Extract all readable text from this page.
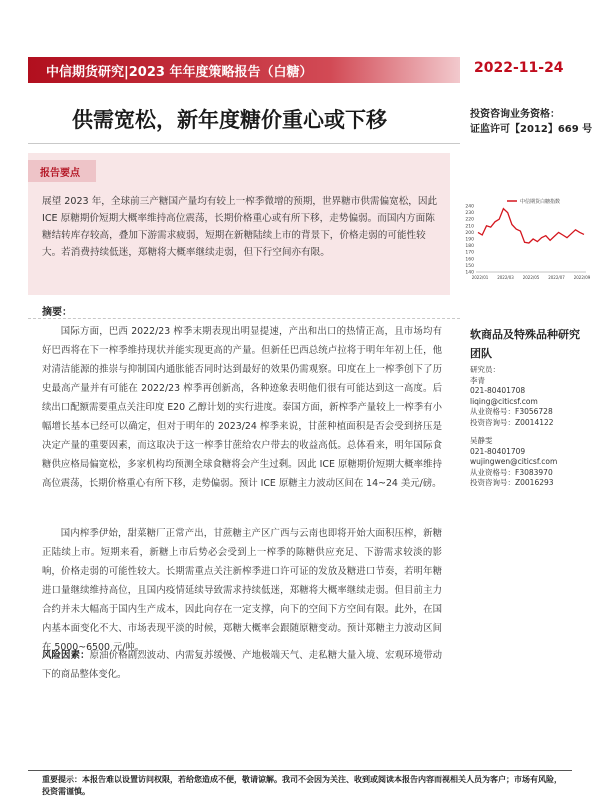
中信期货研究|2023 年年度策略报告（白糖）	2022-11-24
供需宽松，新年度糖价重心或下移	投资咨询业务资格：
证监许可【2012】669 号
报告要点
展望 2023 年，全球前三产糖国产量均有较上一榨季微增的预期，世界糖市供需偏宽松，因此 ICE 原糖期价短期大概率维持高位震荡，长期价格重心或有所下移，走势偏弱。而国内方面陈糖结转库存较高，叠加下游需求疲弱，短期在新糖陆续上市的背景下，价格走弱的可能性较大。若消费持续低迷，郑糖将大概率继续走弱，但下行空间亦有限。
240
230
220
210
200
190
180
170
160
150
140
2022/01 2022/03 2022/05 2022/07 2022/09
中信期货白糖指数
摘要：
国际方面，巴西 2022/23 榨季末期表现出明显提速，产出和出口的热情正高，且市场均有好巴西将在下一榨季维持现状并能实现更高的产量。但新任巴西总统卢拉将于明年年初上任，他对清洁能源的推崇与抑制国内通胀能否同时达到最好的效果仍需观察。印度在上一榨季创下了历史最高产量并有可能在 2022/23 榨季再创新高，各种迹象表明他们很有可能达到这一高度。后续出口配额需要重点关注印度 E20 乙醇计划的实行进度。泰国方面，新榨季产量较上一榨季有小幅增长基本已经可以确定，但对于明年的 2023/24 榨季来说，甘蔗种植面积是否会受到挤压是决定产量的重要因素，而这取决于这一榨季甘蔗给农户带去的收益高低。总体看来，明年国际食糖供应格局偏宽松，多家机构均预测全球食糖将会产生过剩。因此 ICE 原糖期价短期大概率维持高位震荡，长期价格重心有所下移，走势偏弱。预计 ICE 原糖主力波动区间在 14~24 美元/磅。
国内榨季伊始，甜菜糖厂正常产出，甘蔗糖主产区广西与云南也即将开始大面积压榨，新糖正陆续上市。短期来看，新糖上市后势必会受到上一榨季的陈糖供应充足、下游需求较淡的影响，价格走弱的可能性较大。长期需重点关注新榨季进口许可证的发放及糖进口节奏，若明年糖进口量继续维持高位，且国内疫情延续导致需求持续低迷，郑糖将大概率继续走弱。但目前主力合约并未大幅高于国内生产成本，因此向存在一定支撑，向下的空间下方空间有限。此外，在国内基本面变化不大、市场表现平淡的时候，郑糖大概率会跟随原糖变动。预计郑糖主力波动区间在 5000~6500 元/吨。
风险因素：原油价格剧烈波动、内需复苏缓慢、产地极端天气、走私糖大量入境、宏观环境带动下的商品整体变化。
软商品及特殊品种研究团队
研究员：
李青
021-80401708
liqing@citicsf.com
从业资格号：F3056728
投资咨询号：Z0014122
吴静雯
021-80401709
wujingwen@citicsf.com
从业资格号：F3083970
投资咨询号：Z0016293
重要提示：本报告难以设置访问权限，若给您造成不便，敬请谅解。我司不会因为关注、收到或阅读本报告内容而视相关人员为客户；市场有风险，投资需谨慎。
